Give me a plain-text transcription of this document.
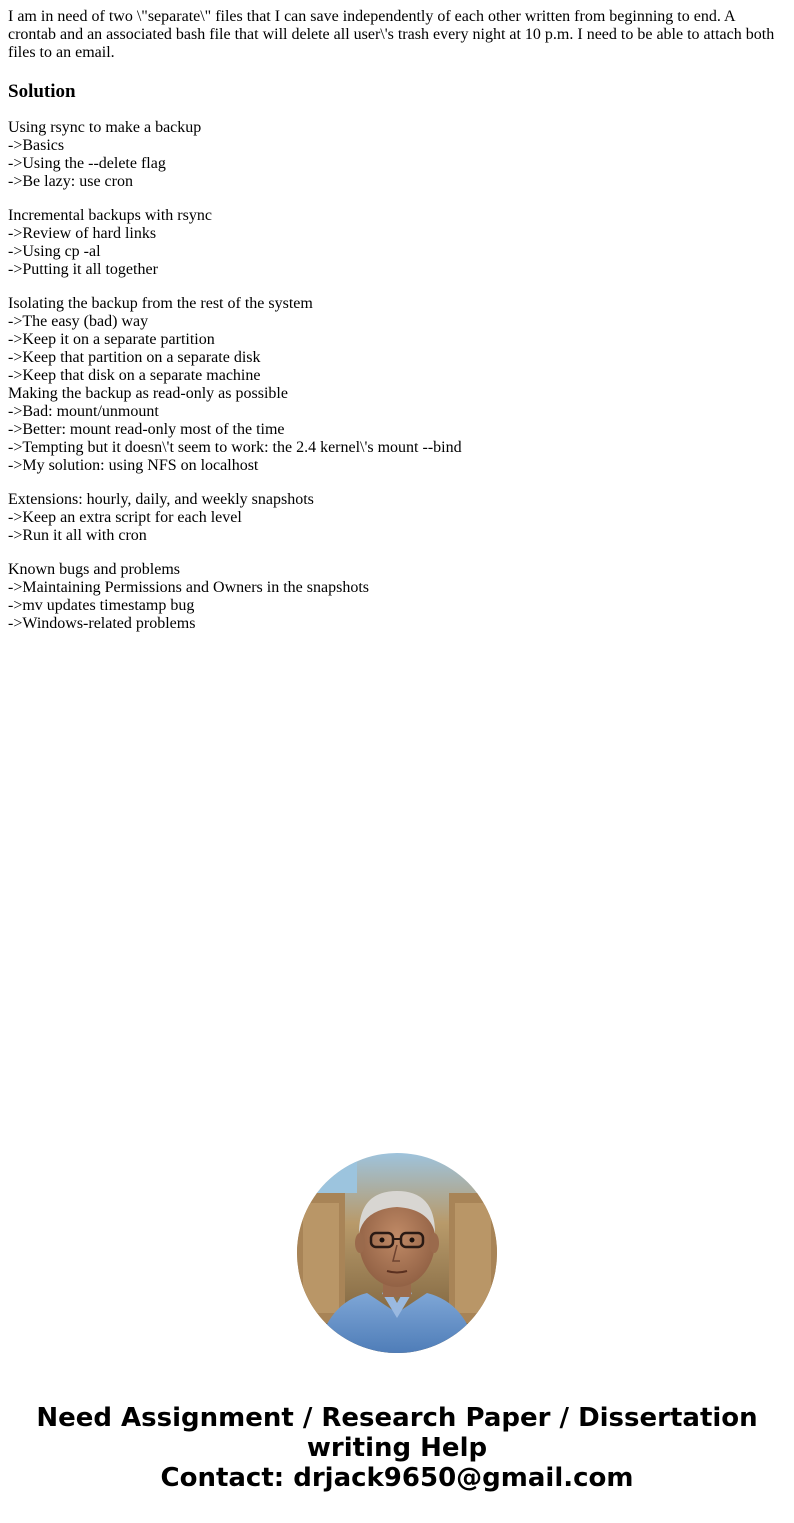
I am in need of two \"separate\" files that I can save independently of each other written from beginning to end. A crontab and an associated bash file that will delete all user\'s trash every night at 10 p.m. I need to be able to attach both files to an email.

Solution
Using rsync to make a backup
->Basics
->Using the --delete flag
->Be lazy: use cron
Incremental backups with rsync
->Review of hard links
->Using cp -al
->Putting it all together
Isolating the backup from the rest of the system
->The easy (bad) way
->Keep it on a separate partition
->Keep that partition on a separate disk
->Keep that disk on a separate machine
Making the backup as read-only as possible
->Bad: mount/unmount
->Better: mount read-only most of the time
->Tempting but it doesn\'t seem to work: the 2.4 kernel\'s mount --bind
->My solution: using NFS on localhost
Extensions: hourly, daily, and weekly snapshots
->Keep an extra script for each level
->Run it all with cron
Known bugs and problems
->Maintaining Permissions and Owners in the snapshots
->mv updates timestamp bug
->Windows-related problems
Need Assignment / Research Paper / Dissertation
writing Help
Contact: drjack9650@gmail.com
